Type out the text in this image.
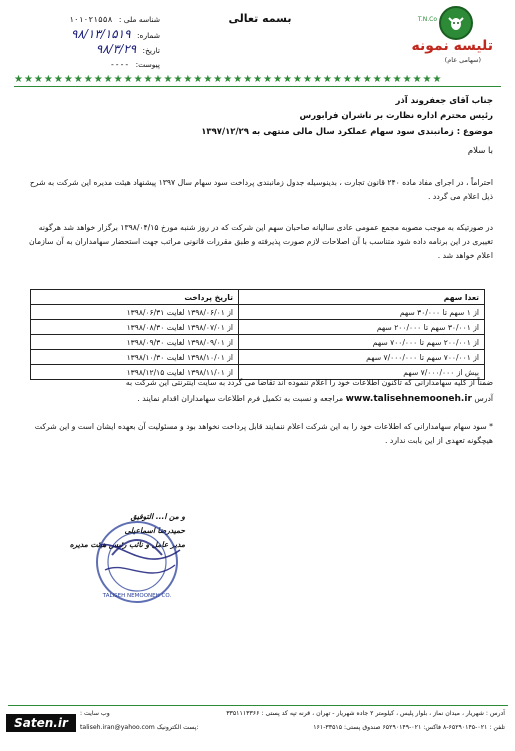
شناسه ملی : ۱۰۱۰۲۱۵۵۸
شماره: ۹۸/۱۳/۱۵۱۹
تاریخ: ۹۸/۳/۲۹
پیوست: ----
بسمه تعالی	T.N.Co
تلیسه نمونه
(سهامی عام)
★★★★★★★★★★★★★★★★★★★★★★★★★★★★★★★★★★★★★★★★★★★
جناب آقای جعفروند آذر
رئیس محترم اداره نظارت بر ناشران فرابورس
موضوع : زمانبندی سود سهام عملکرد سال مالی منتهی به ۱۳۹۷/۱۲/۲۹
با سلام
احتراماً ، در اجرای مفاد ماده ۲۴۰ قانون تجارت ، بدینوسیله جدول زمانبندی پرداخت سود سهام سال ۱۳۹۷ پیشنهاد هیئت مدیره این شرکت به شرح ذیل اعلام می گردد .
در صورتیکه به موجب مصوبه مجمع عمومی عادی سالیانه صاحبان سهم این شرکت که در روز شنبه مورخ ۱۳۹۸/۰۴/۱۵ برگزار خواهد شد هرگونه تغییری در این برنامه داده شود متناسب با آن اصلاحات لازم صورت پذیرفته و طبق مقررات قانونی مراتب جهت استحضار سهامداران به آن سازمان اعلام خواهد شد .
تعدا سهم	تاریخ پرداخت
از ۱ سهم تا ۳۰/۰۰۰ سهم	از ۱۳۹۸/۰۶/۰۱ لغایت ۱۳۹۸/۰۶/۳۱
از ۳۰/۰۰۱ سهم تا ۲۰۰/۰۰۰ سهم	از ۱۳۹۸/۰۷/۰۱ لغایت ۱۳۹۸/۰۸/۳۰
از ۲۰۰/۰۰۱ سهم تا ۷۰۰/۰۰۰ سهم	از ۱۳۹۸/۰۹/۰۱ لغایت ۱۳۹۸/۰۹/۳۰
از ۷۰۰/۰۰۱ سهم تا ۷/۰۰۰/۰۰۰ سهم	از ۱۳۹۸/۱۰/۰۱ لغایت ۱۳۹۸/۱۰/۳۰
بیش از ۷/۰۰۰/۰۰۰ سهم	از ۱۳۹۸/۱۱/۰۱ لغایت ۱۳۹۸/۱۲/۱۵
ضمناً از کلیه سهامدارانی که تاکنون اطلاعات خود را اعلام ننموده اند تقاضا می گردد به سایت اینترنتی این شرکت به
آدرس www.talisehnemooneh.ir مراجعه و نسبت به تکمیل فرم اطلاعات سهامداران اقدام نمایند .
* سود سهام سهامدارانی که اطلاعات خود را به این شرکت اعلام ننمایند قابل پرداخت نخواهد بود و مسئولیت آن بعهده ایشان است و این شرکت هیچگونه تعهدی از این بابت ندارد .
و من ا... التوفیق
حمیدرضا اسماعیلی
مدیر عامل و نائب رئیس هیئت مدیره
TALISEH NEMOONEH CO.
آدرس : شهریار ، میدان نماز ، بلوار پلیس ، کیلومتر ۲ جاده شهریار - تهران ، قرنه تپه کد پستی : ۳۳۵۱۱۱۳۳۶۶
تلفن : ۰۲۱-۶۵۲۹۰۱۴۵-۸ فاکس: ۰۲۱-۶۵۲۹۰۱۴۹ صندوق پستی: ۳۳۵۱۵-۱۶۱
وب سایت :
taliseh.iran@yahoo.com پست الکترونیک:
Saten.ir
